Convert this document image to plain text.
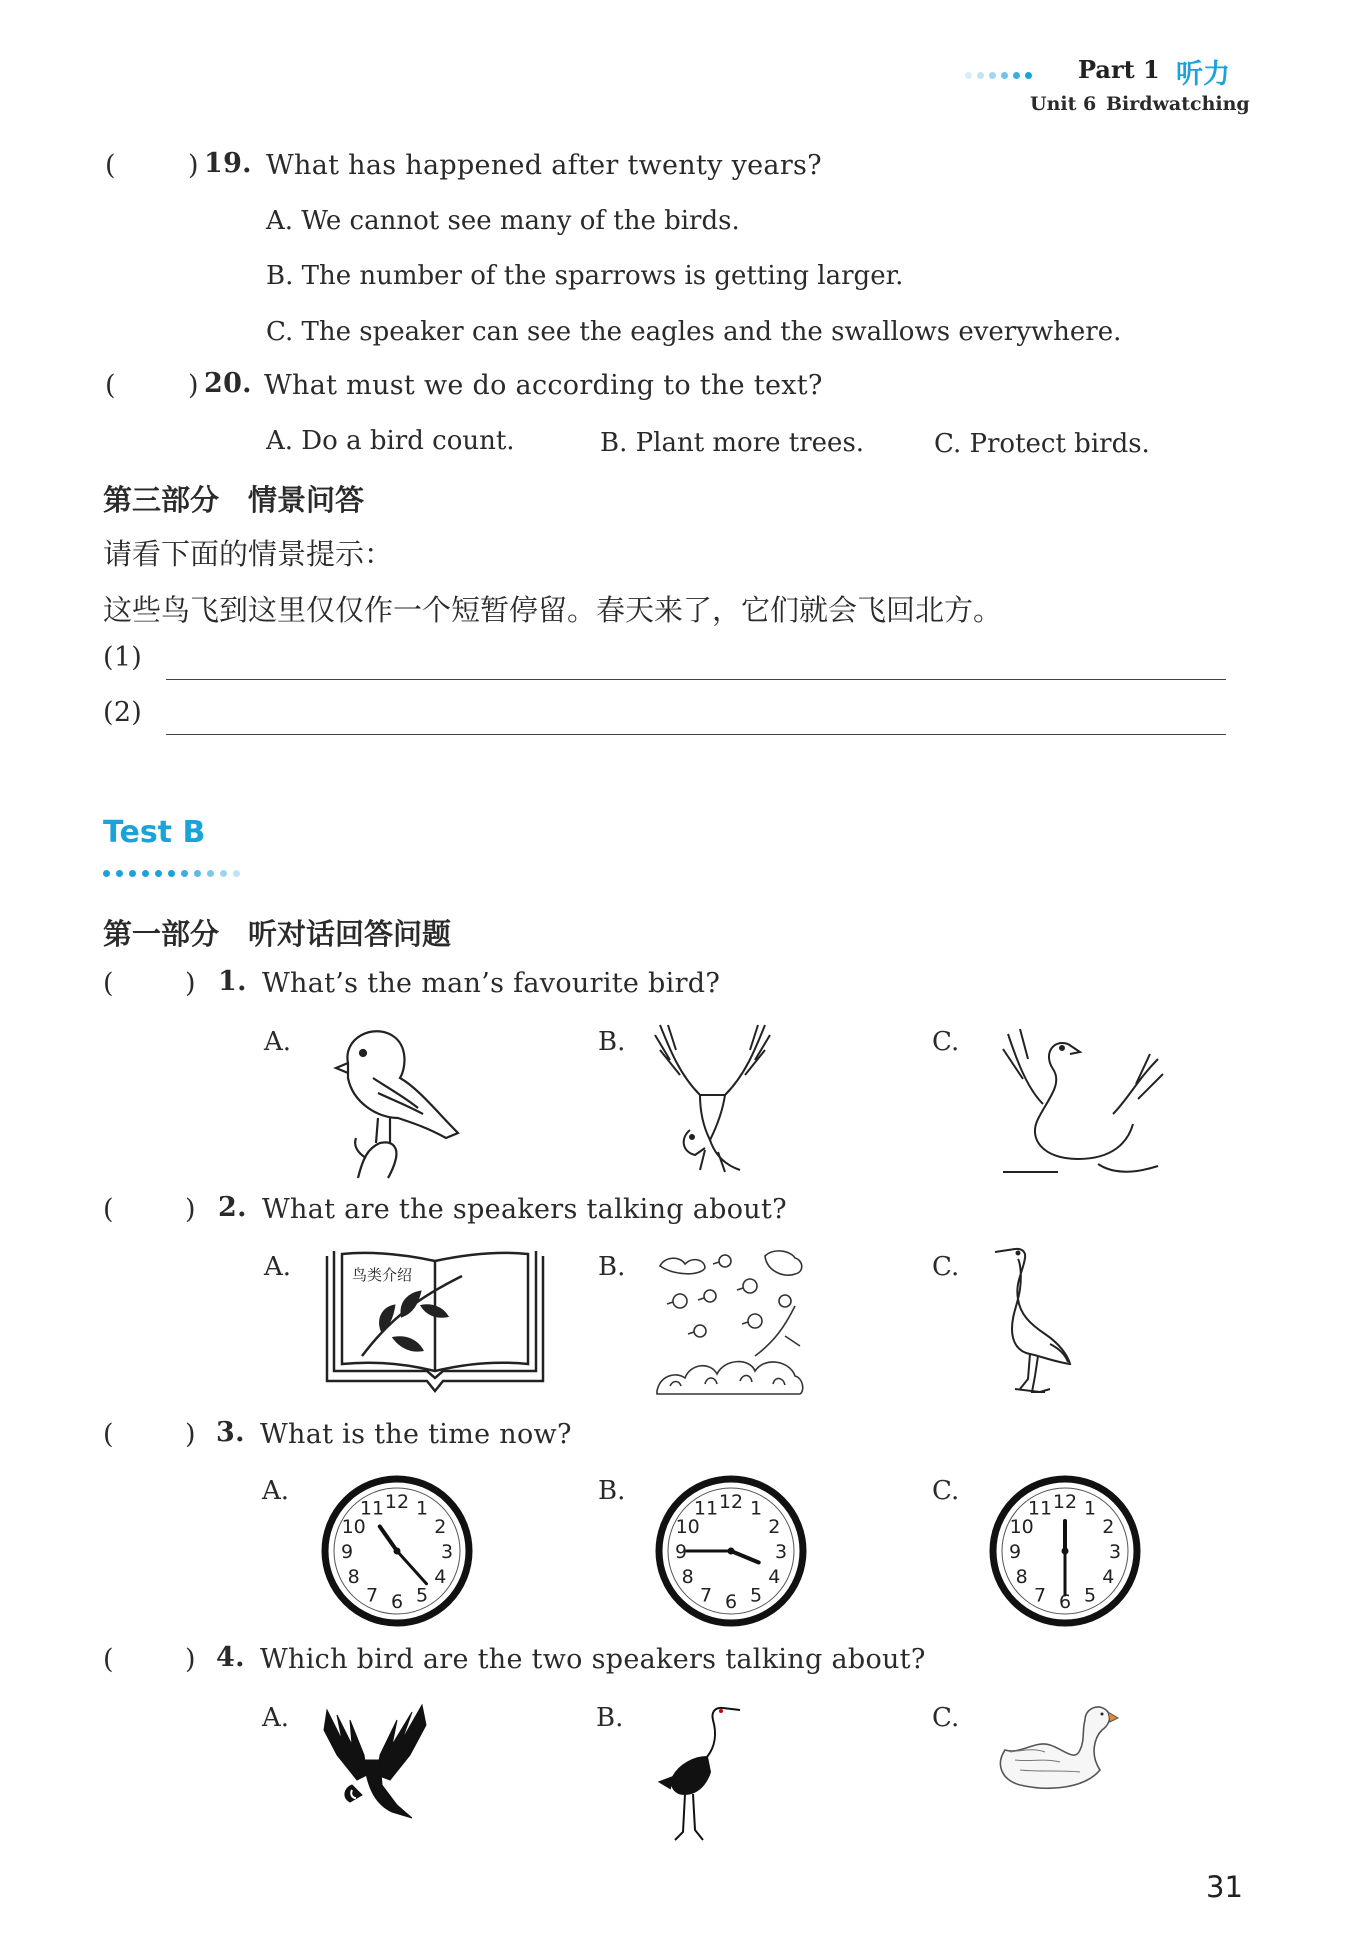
Part 1 听力
Unit 6 Birdwatching
(	) 19. What has happened after twenty years?
A. We cannot see many of the birds.
B. The number of the sparrows is getting larger.
C. The speaker can see the eagles and the swallows everywhere.
(	) 20. What must we do according to the text?
A. Do a bird count.	B. Plant more trees.	C. Protect birds.
第三部分　情景问答
请看下面的情景提示：
这些鸟飞到这里仅仅作一个短暂停留。春天来了，它们就会飞回北方。
(1)
(2)
Test B
第一部分　听对话回答问题
(	) 1. What’s the man’s favourite bird?
A.	B.	C.
(	) 2. What are the speakers talking about?
A.	B.	C.
鸟类介绍
(	) 3. What is the time now?
A.	B.	C.
1
2
3
4
5
6
7
8
9
10
11 12	1
2
3
4
5
6
7
8
9
10
11 12	1
2
3
4
5
6
7
8
9
10
11 12
(	) 4. Which bird are the two speakers talking about?
A.	B.	C.
31
